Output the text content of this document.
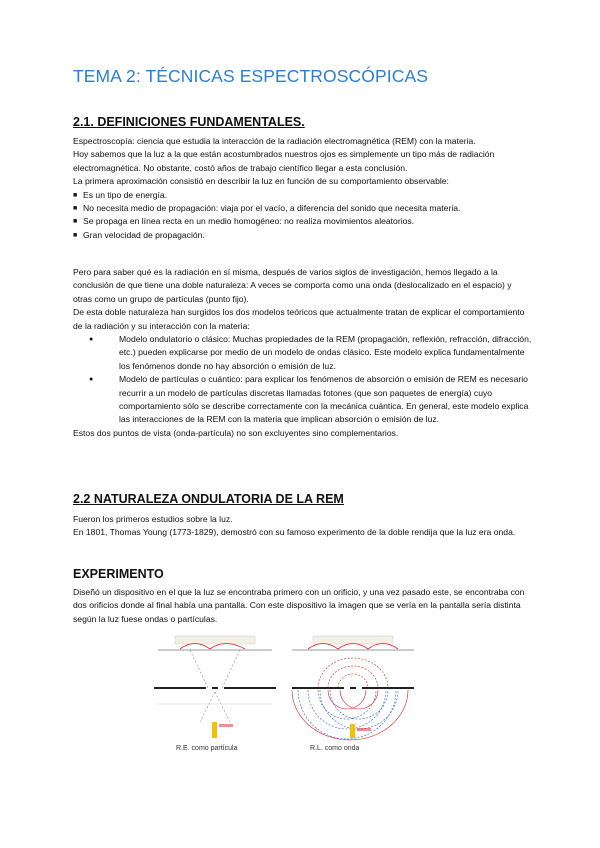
TEMA 2: TÉCNICAS ESPECTROSCÓPICAS
2.1. DEFINICIONES FUNDAMENTALES.

Espectroscopía: ciencia que estudia la interacción de la radiación electromagnética (REM) con la materia.

Hoy sabemos que la luz a la que están acostumbrados nuestros ojos es simplemente un tipo más de radiación electromagnética. No obstante, costó años de trabajo científico llegar a esta conclusión.

La primera aproximación consistió en describir la luz en función de su comportamiento observable:

■ Es un tipo de energía.
■ No necesita medio de propagación: viaja por el vacío, a diferencia del sonido que necesita materia.
■ Se propaga en línea recta en un medio homogéneo: no realiza movimientos aleatorios.
■ Gran velocidad de propagación.

Pero para saber qué es la radiación en sí misma, después de varios siglos de investigación, hemos llegado a la conclusión de que tiene una doble naturaleza: A veces se comporta como una onda (deslocalizado en el espacio) y otras como un grupo de partículas (punto fijo).

De esta doble naturaleza han surgidos los dos modelos teóricos que actualmente tratan de explicar el comportamiento de la radiación y su interacción con la materia:

● Modelo ondulatorio o clásico: Muchas propiedades de la REM (propagación, reflexión, refracción, difracción, etc.) pueden explicarse por medio de un modelo de ondas clásico. Este modelo explica fundamentalmente los fenómenos donde no hay absorción o emisión de luz.
● Modelo de partículas o cuántico: para explicar los fenómenos de absorción o emisión de REM es necesario recurrir a un modelo de partículas discretas llamadas fotones (que son paquetes de energía) cuyo comportamiento sólo se describe correctamente con la mecánica cuántica. En general, este modelo explica las interacciones de la REM con la materia que implican absorción o emisión de luz.

Estos dos puntos de vista (onda-partícula) no son excluyentes sino complementarios.

2.2 NATURALEZA ONDULATORIA DE LA REM

Fueron los primeros estudios sobre la luz.

En 1801, Thomas Young (1773-1829), demostró con su famoso experimento de la doble rendija que la luz era onda.

EXPERIMENTO

Diseñó un dispositivo en el que la luz se encontraba primero con un orificio, y una vez pasado este, se encontraba con dos orificios donde al final había una pantalla. Con este dispositivo la imagen que se vería en la pantalla sería distinta según la luz fuese ondas o partículas.

R.E. como partícula	R.L. como onda
